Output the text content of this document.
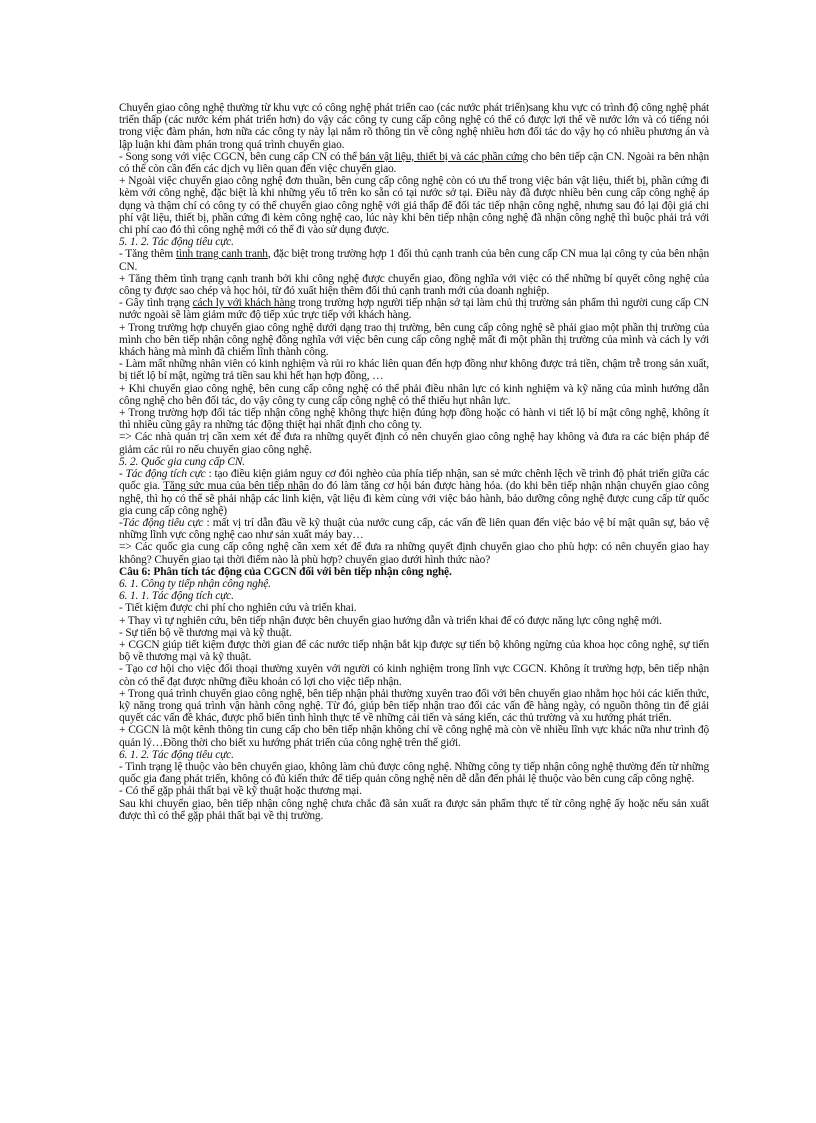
Chuyển giao công nghệ thường từ khu vực có công nghệ phát triển cao (các nước phát triển)sang khu vực có trình độ công nghệ phát triển thấp (các nước kém phát triển hơn) do vậy các công ty cung cấp công nghệ có thể có được lợi thế về nước lớn và có tiếng nói trong việc đàm phán, hơn nữa các công ty này lại nắm rõ thông tin về công nghệ nhiều hơn đối tác do vậy họ có nhiều phương án và lập luận khi đàm phán trong quá trình chuyển giao.

- Song song với việc CGCN, bên cung cấp CN có thể bán vật liệu, thiết bị và các phần cứng cho bên tiếp cận CN. Ngoài ra bên nhận có thể còn cần đến các dịch vụ liên quan đến việc chuyển giao.

+ Ngoài việc chuyển giao công nghệ đơn thuần, bên cung cấp công nghệ còn có ưu thế trong việc bán vật liệu, thiết bị, phần cứng đi kèm với công nghệ, đặc biệt là khi những yếu tố trên ko sẵn có tại nước sở tại. Điều này đã được nhiều bên cung cấp công nghệ áp dụng và thậm chí có công ty có thể chuyển giao công nghệ với giá thấp để đối tác tiếp nhận công nghệ, nhưng sau đó lại đội giá chi phí vật liệu, thiết bị, phần cứng đi kèm công nghệ cao, lúc này khi bên tiếp nhận công nghệ đã nhận công nghệ thì buộc phải trả với chi phí cao đó thì công nghệ mới có thể đi vào sử dụng được.

5. 1. 2. Tác động tiêu cực.

- Tăng thêm tình trạng cạnh tranh, đặc biệt trong trường hợp 1 đối thủ cạnh tranh của bên cung cấp CN mua lại công ty của bên nhận CN.

+ Tăng thêm tình trạng cạnh tranh bởi khi công nghệ được chuyển giao, đồng nghĩa với việc có thể những bí quyết công nghệ của công ty được sao chép và học hỏi, từ đó xuất hiện thêm đối thủ cạnh tranh mới của doanh nghiệp.

- Gây tình trạng cách ly với khách hàng trong trường hợp người tiếp nhận sở tại làm chủ thị trường sản phẩm thì người cung cấp CN nước ngoài sẽ làm giảm mức độ tiếp xúc trực tiếp với khách hàng.

+ Trong trường hợp chuyển giao công nghệ dưới dạng trao thị trường, bên cung cấp công nghệ sẽ phải giao một phần thị trường của mình cho bên tiếp nhận công nghệ đồng nghĩa với việc bên cung cấp công nghệ mất đi một phần thị trường của mình và cách ly với khách hàng mà mình đã chiếm lĩnh thành công.

- Làm mất những nhân viên có kinh nghiệm và rủi ro khác liên quan đến hợp đồng như không được trả tiền, chậm trễ trong sản xuất, bị tiết lộ bí mật, ngừng trả tiền sau khi hết hạn hợp đồng, …

+ Khi chuyển giao công nghệ, bên cung cấp công nghệ có thể phải điều nhân lực có kinh nghiệm và kỹ năng của mình hướng dẫn công nghệ cho bên đối tác, do vậy công ty cung cấp công nghệ có thể thiếu hụt nhân lực.

+ Trong trường hợp đối tác tiếp nhận công nghệ không thực hiện đúng hợp đồng hoặc có hành vi tiết lộ bí mật công nghệ, không ít thì nhiều cũng gây ra những tác động thiệt hại nhất định cho công ty.

=> Các nhà quản trị cần xem xét để đưa ra những quyết định có nên chuyển giao công nghệ hay không và đưa ra các biện pháp để giảm các rủi ro nếu chuyển giao công nghệ.

5. 2. Quốc gia cung cấp CN.

- Tác động tích cực : tạo điều kiện giảm nguy cơ đói nghèo của phía tiếp nhận, san sẻ mức chênh lệch về trình độ phát triển giữa các quốc gia. Tăng sức mua của bên tiếp nhận do đó làm tăng cơ hội bán được hàng hóa. (do khi bên tiếp nhận nhận chuyển giao công nghệ, thì họ có thể sẽ phải nhập các linh kiện, vật liệu đi kèm cùng với việc bảo hành, bảo dưỡng công nghệ được cung cấp từ quốc gia cung cấp công nghệ)

-Tác động tiêu cực : mất vị trí dẫn đầu về kỹ thuật của nước cung cấp, các vấn đề liên quan đến việc bảo vệ bí mật quân sự, bảo vệ những lĩnh vực công nghệ cao như sản xuất máy bay…

=> Các quốc gia cung cấp công nghệ cần xem xét để đưa ra những quyết định chuyển giao cho phù hợp: có nên chuyển giao hay không? Chuyển giao tại thời điểm nào là phù hợp? chuyển giao dưới hình thức nào?

Câu 6: Phân tích tác động của CGCN đối với bên tiếp nhận công nghệ.

6. 1. Công ty tiếp nhận công nghệ.

6. 1. 1. Tác động tích cực.

- Tiết kiệm được chi phí cho nghiên cứu và triển khai.

+ Thay vì tự nghiên cứu, bên tiếp nhận được bên chuyển giao hướng dẫn và triển khai để có được năng lực công nghệ mới.

- Sự tiến bộ về thương mại và kỹ thuật.

+ CGCN giúp tiết kiệm được thời gian để các nước tiếp nhận bắt kịp được sự tiến bộ không ngừng của khoa học công nghệ, sự tiến bộ về thương mại và kỹ thuật.

- Tạo cơ hội cho việc đối thoại thường xuyên với người có kinh nghiệm trong lĩnh vực CGCN. Không ít trường hợp, bên tiếp nhận còn có thể đạt được những điều khoản có lợi cho việc tiếp nhận.

+ Trong quá trình chuyển giao công nghệ, bên tiếp nhận phải thường xuyên trao đổi với bên chuyển giao nhằm học hỏi các kiến thức, kỹ năng trong quá trình vận hành công nghệ. Từ đó, giúp bên tiếp nhận trao đổi các vấn đề hàng ngày, có nguồn thông tin để giải quyết các vấn đề khác, được phổ biến tình hình thực tế về những cải tiến và sáng kiến, các thủ trường và xu hướng phát triển.

+ CGCN là một kênh thông tin cung cấp cho bên tiếp nhận không chỉ về công nghệ mà còn về nhiều lĩnh vực khác nữa như trình độ quản lý…Đồng thời cho biết xu hướng phát triển của công nghệ trên thế giới.

6. 1. 2. Tác động tiêu cực.

- Tình trạng lệ thuộc vào bên chuyển giao, không làm chủ được công nghệ. Những công ty tiếp nhận công nghệ thường đến từ những quốc gia đang phát triển, không có đủ kiến thức để tiếp quản công nghệ nên dễ dẫn đến phải lệ thuộc vào bên cung cấp công nghệ.

- Có thể gặp phải thất bại về kỹ thuật hoặc thương mại.

Sau khi chuyển giao, bên tiếp nhận công nghệ chưa chắc đã sản xuất ra được sản phẩm thực tế từ công nghệ ấy hoặc nếu sản xuất được thì có thể gặp phải thất bại về thị trường.
